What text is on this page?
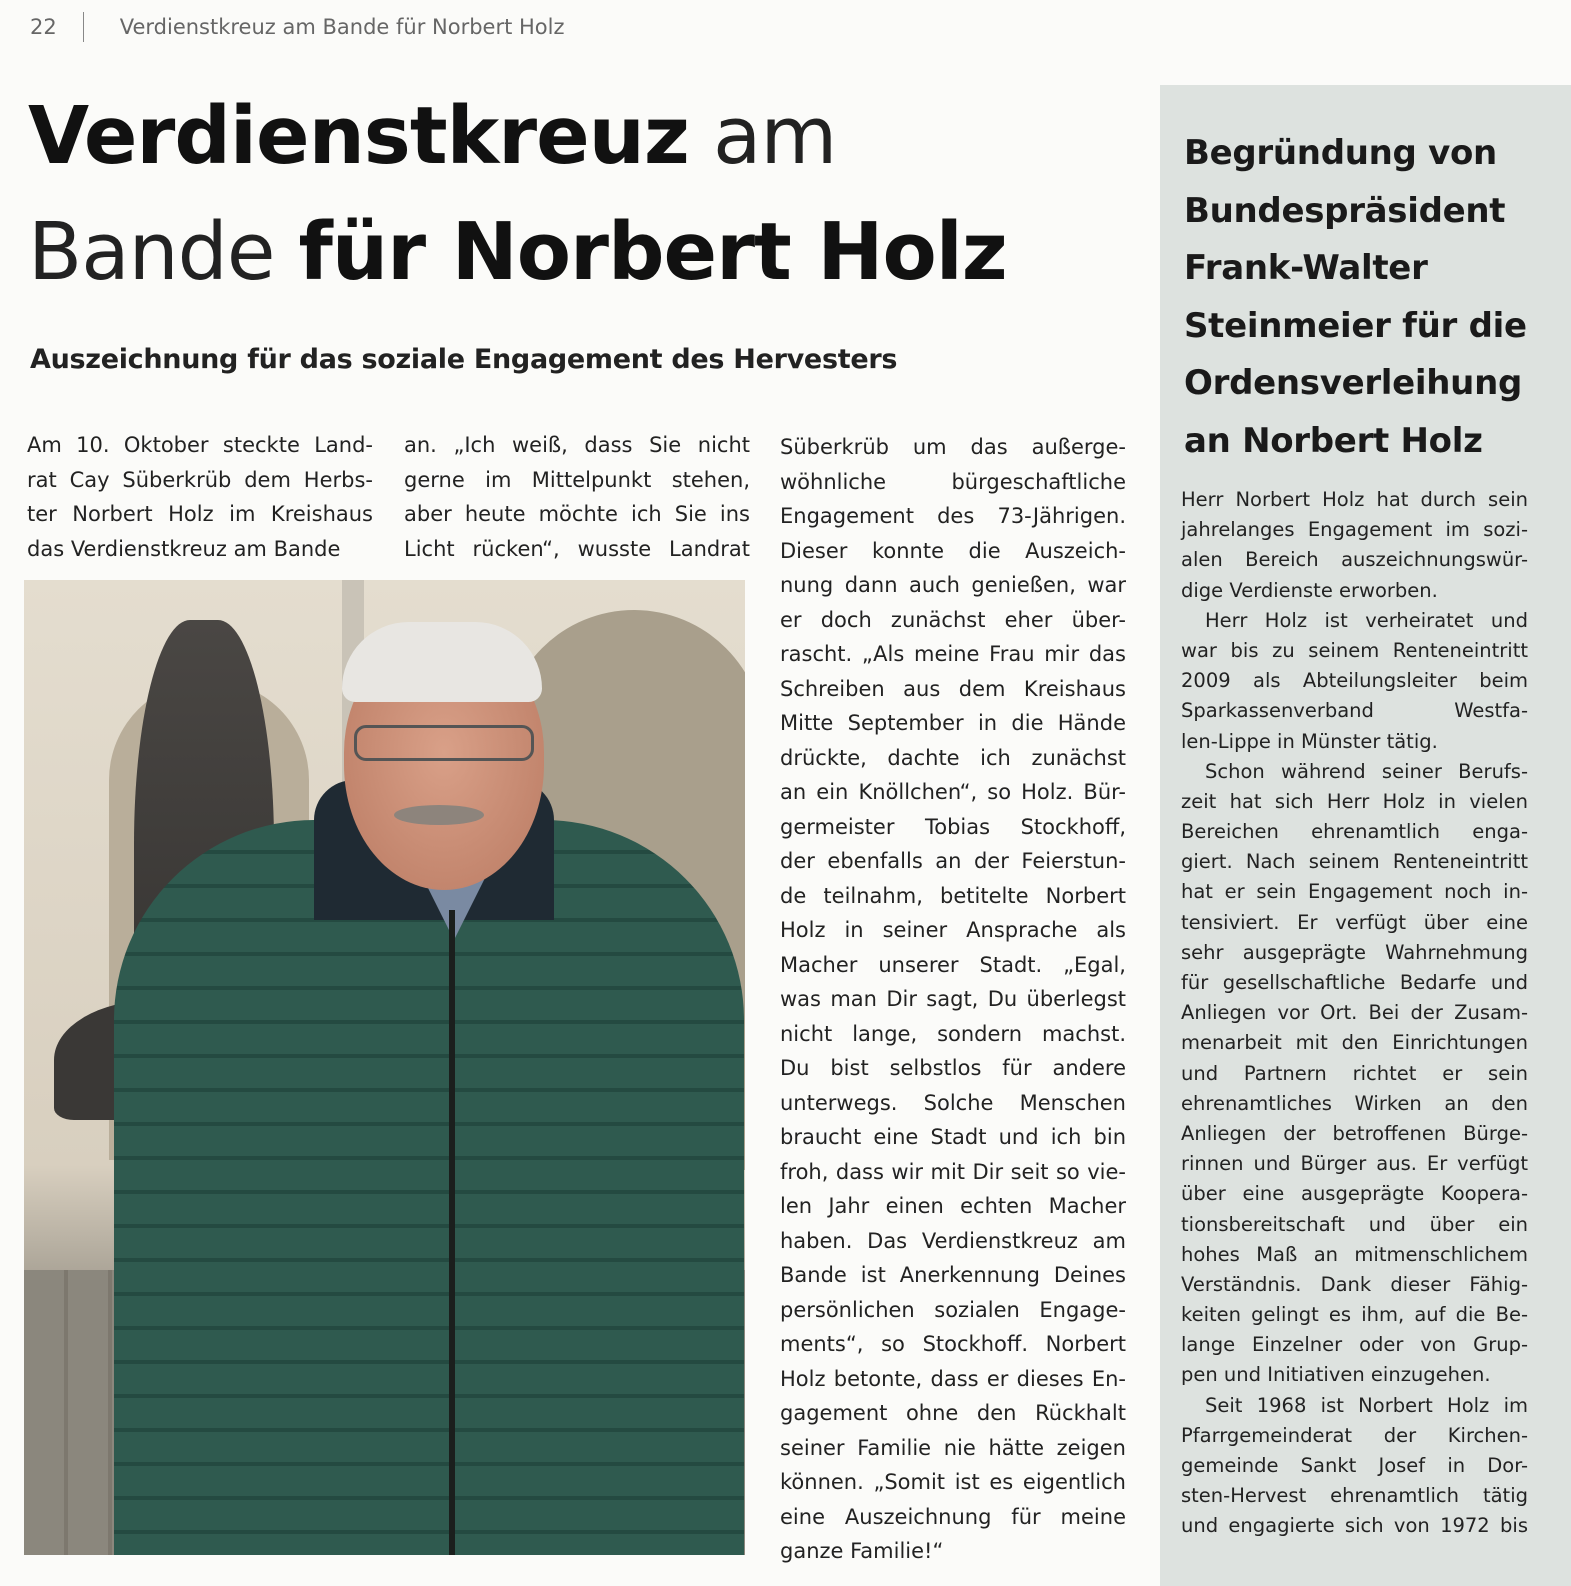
22	Verdienstkreuz am Bande für Norbert Holz
Verdienstkreuz am
Bande für Norbert Holz
Auszeichnung für das soziale Engagement des Hervesters
Am 10. Oktober steckte Land-
rat Cay Süberkrüb dem Herbs-
ter Norbert Holz im Kreishaus
das Verdienstkreuz am Bande
an. „Ich weiß, dass Sie nicht
gerne im Mittelpunkt stehen,
aber heute möchte ich Sie ins
Licht rücken“, wusste Landrat
Süberkrüb um das außerge-
wöhnliche bürgeschaftliche
Engagement des 73-Jährigen.
Dieser konnte die Auszeich-
nung dann auch genießen, war
er doch zunächst eher über-
rascht. „Als meine Frau mir das
Schreiben aus dem Kreishaus
Mitte September in die Hände
drückte, dachte ich zunächst
an ein Knöllchen“, so Holz. Bür-
germeister Tobias Stockhoff,
der ebenfalls an der Feierstun-
de teilnahm, betitelte Norbert
Holz in seiner Ansprache als
Macher unserer Stadt. „Egal,
was man Dir sagt, Du überlegst
nicht lange, sondern machst.
Du bist selbstlos für andere
unterwegs. Solche Menschen
braucht eine Stadt und ich bin
froh, dass wir mit Dir seit so vie-
len Jahr einen echten Macher
haben. Das Verdienstkreuz am
Bande ist Anerkennung Deines
persönlichen sozialen Engage-
ments“, so Stockhoff. Norbert
Holz betonte, dass er dieses En-
gagement ohne den Rückhalt
seiner Familie nie hätte zeigen
können. „Somit ist es eigentlich
eine Auszeichnung für meine
ganze Familie!“
Begründung von
Bundespräsident
Frank-Walter
Steinmeier für die
Ordensverleihung
an Norbert Holz
Herr Norbert Holz hat durch sein
jahrelanges Engagement im sozi-
alen Bereich auszeichnungswür-
dige Verdienste erworben.
Herr Holz ist verheiratet und
war bis zu seinem Renteneintritt
2009 als Abteilungsleiter beim
Sparkassenverband Westfa-
len-Lippe in Münster tätig.
Schon während seiner Berufs-
zeit hat sich Herr Holz in vielen
Bereichen ehrenamtlich enga-
giert. Nach seinem Renteneintritt
hat er sein Engagement noch in-
tensiviert. Er verfügt über eine
sehr ausgeprägte Wahrnehmung
für gesellschaftliche Bedarfe und
Anliegen vor Ort. Bei der Zusam-
menarbeit mit den Einrichtungen
und Partnern richtet er sein
ehrenamtliches Wirken an den
Anliegen der betroffenen Bürge-
rinnen und Bürger aus. Er verfügt
über eine ausgeprägte Koopera-
tionsbereitschaft und über ein
hohes Maß an mitmenschlichem
Verständnis. Dank dieser Fähig-
keiten gelingt es ihm, auf die Be-
lange Einzelner oder von Grup-
pen und Initiativen einzugehen.
Seit 1968 ist Norbert Holz im
Pfarrgemeinderat der Kirchen-
gemeinde Sankt Josef in Dor-
sten-Hervest ehrenamtlich tätig
und engagierte sich von 1972 bis
